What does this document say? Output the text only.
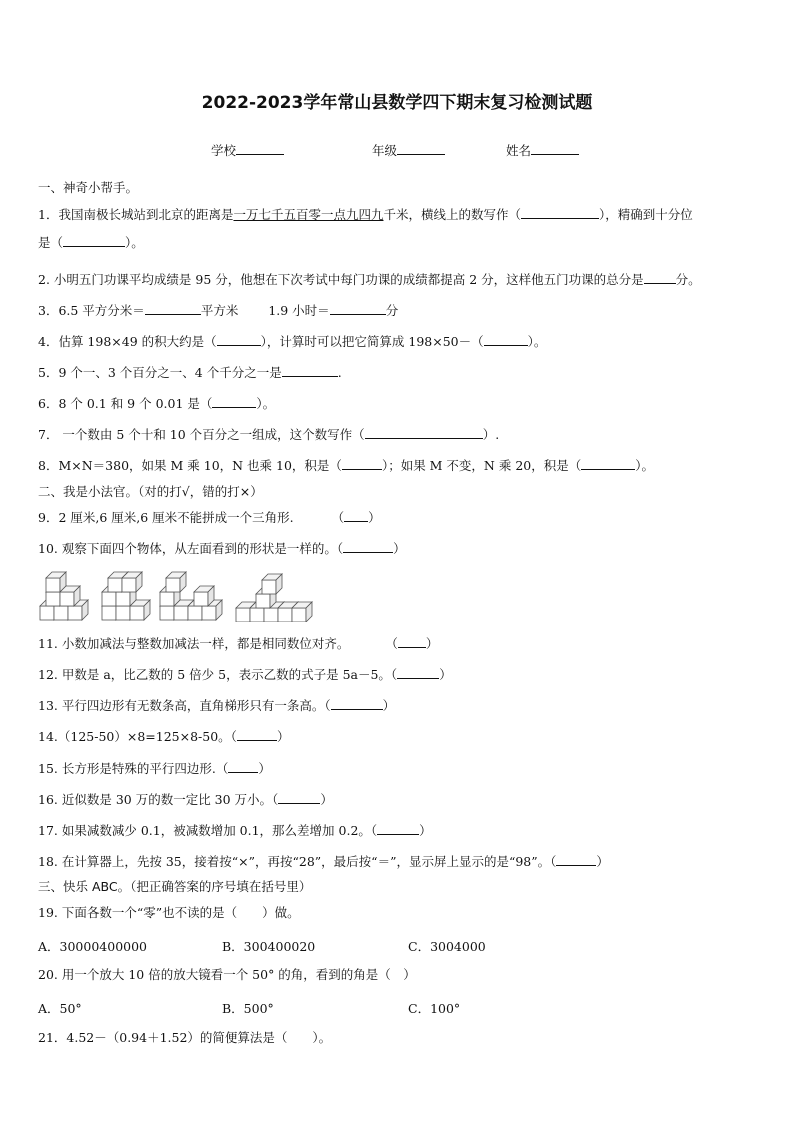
2022-2023学年常山县数学四下期末复习检测试题
学校	年级	姓名
一、神奇小帮手。
1．我国南极长城站到北京的距离是一万七千五百零一点九四九千米，横线上的数写作（	），精确到十分位
是（	）。
2. 小明五门功课平均成绩是 95 分，他想在下次考试中每门功课的成绩都提高 2 分，这样他五门功课的总分是	分。
3．6.5 平方分米＝	平方米 1.9 小时＝	分
4．估算 198×49 的积大约是（	），计算时可以把它简算成 198×50－（	）。
5．9 个一、3 个百分之一、4 个千分之一是	.
6．8 个 0.1 和 9 个 0.01 是（	）。
7． 一个数由 5 个十和 10 个百分之一组成，这个数写作（	）.
8．M×N＝380，如果 M 乘 10，N 也乘 10，积是（	）；如果 M 不变，N 乘 20，积是（	）。
二、我是小法官。（对的打√，错的打×）
9．2 厘米,6 厘米,6 厘米不能拼成一个三角形.	（ ）
10. 观察下面四个物体，从左面看到的形状是一样的。（	）
11. 小数加减法与整数加减法一样，都是相同数位对齐。	（ ）
12. 甲数是 a，比乙数的 5 倍少 5，表示乙数的式子是 5a－5。（	）
13. 平行四边形有无数条高，直角梯形只有一条高。（	）
14.（125-50）×8=125×8-50。（	）
15. 长方形是特殊的平行四边形.（ ）
16. 近似数是 30 万的数一定比 30 万小。（	）
17. 如果减数减少 0.1，被减数增加 0.1，那么差增加 0.2。（	）
18. 在计算器上，先按 35，接着按“×”，再按“28”，最后按“＝”，显示屏上显示的是“98”。（	）
三、快乐 ABC。（把正确答案的序号填在括号里）
19. 下面各数一个“零”也不读的是（　　）做。
A．30000400000	B．300400020	C．3004000
20. 用一个放大 10 倍的放大镜看一个 50° 的角，看到的角是（　）
A．50°	B．500°	C．100°
21．4.52－（0.94＋1.52）的简便算法是（　　）。
